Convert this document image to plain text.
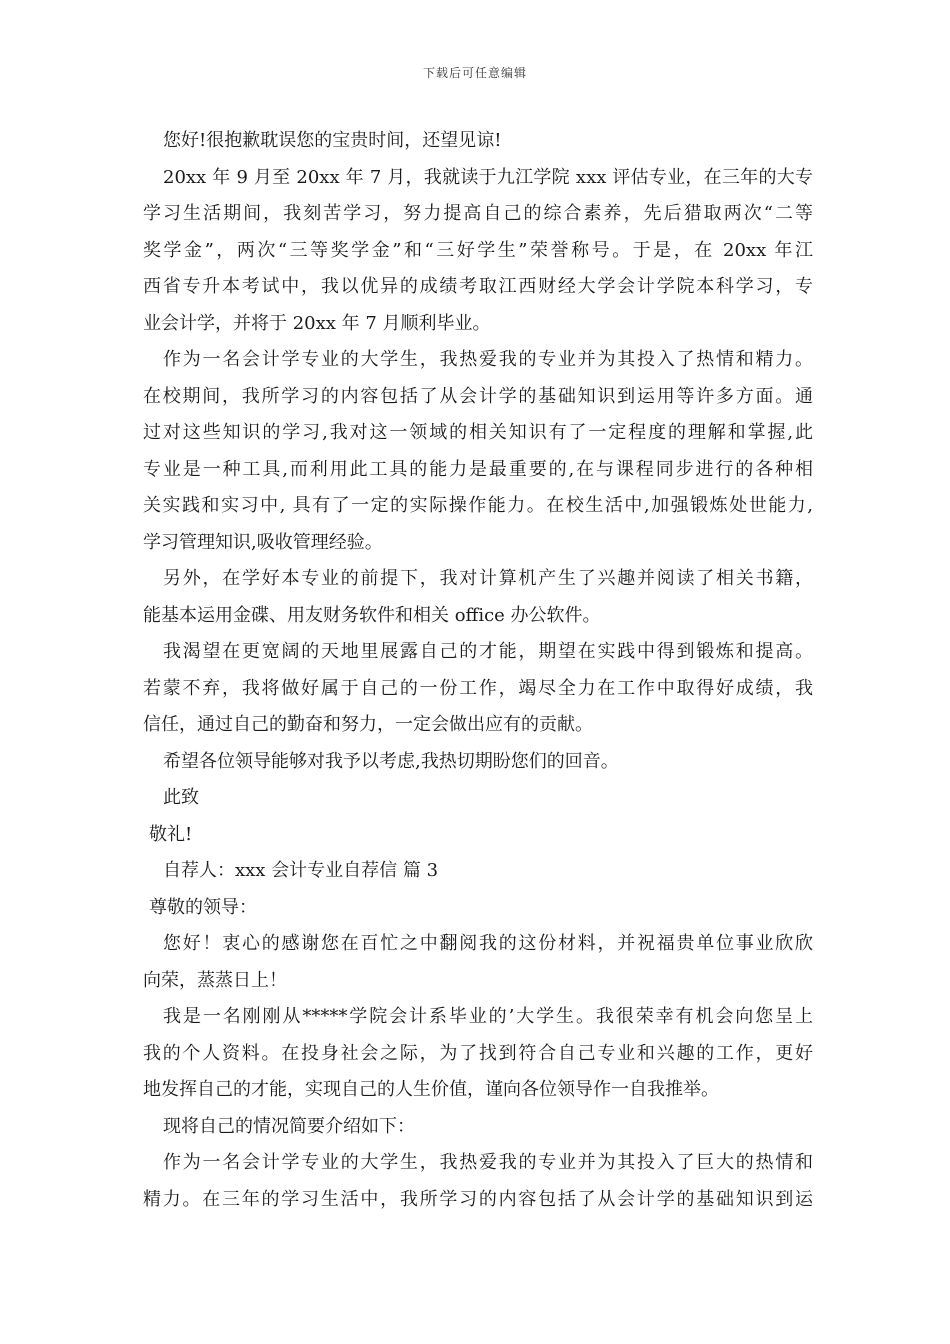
下载后可任意编辑
您好!很抱歉耽误您的宝贵时间，还望见谅!
20xx 年 9 月至 20xx 年 7 月，我就读于九江学院 xxx 评估专业，在三年的大专
学习生活期间，我刻苦学习，努力提高自己的综合素养，先后猎取两次“二等
奖学金”，两次“三等奖学金”和“三好学生”荣誉称号。于是，在 20xx 年江
西省专升本考试中，我以优异的成绩考取江西财经大学会计学院本科学习，专
业会计学，并将于 20xx 年 7 月顺利毕业。
作为一名会计学专业的大学生，我热爱我的专业并为其投入了热情和精力。
在校期间，我所学习的内容包括了从会计学的基础知识到运用等许多方面。通
过对这些知识的学习,我对这一领域的相关知识有了一定程度的理解和掌握,此
专业是一种工具,而利用此工具的能力是最重要的,在与课程同步进行的各种相
关实践和实习中, 具有了一定的实际操作能力。在校生活中,加强锻炼处世能力,
学习管理知识,吸收管理经验。
另外，在学好本专业的前提下，我对计算机产生了兴趣并阅读了相关书籍，
能基本运用金碟、用友财务软件和相关 office 办公软件。
我渴望在更宽阔的天地里展露自己的才能，期望在实践中得到锻炼和提高。
若蒙不弃，我将做好属于自己的一份工作，竭尽全力在工作中取得好成绩，我
信任，通过自己的勤奋和努力，一定会做出应有的贡献。
希望各位领导能够对我予以考虑,我热切期盼您们的回音。
此致
敬礼!
自荐人：xxx 会计专业自荐信 篇 3
尊敬的领导：
您好！衷心的感谢您在百忙之中翻阅我的这份材料，并祝福贵单位事业欣欣
向荣，蒸蒸日上！
我是一名刚刚从*****学院会计系毕业的’大学生。我很荣幸有机会向您呈上
我的个人资料。在投身社会之际，为了找到符合自己专业和兴趣的工作，更好
地发挥自己的才能，实现自己的人生价值，谨向各位领导作一自我推举。
现将自己的情况简要介绍如下：
作为一名会计学专业的大学生，我热爱我的专业并为其投入了巨大的热情和
精力。在三年的学习生活中，我所学习的内容包括了从会计学的基础知识到运
